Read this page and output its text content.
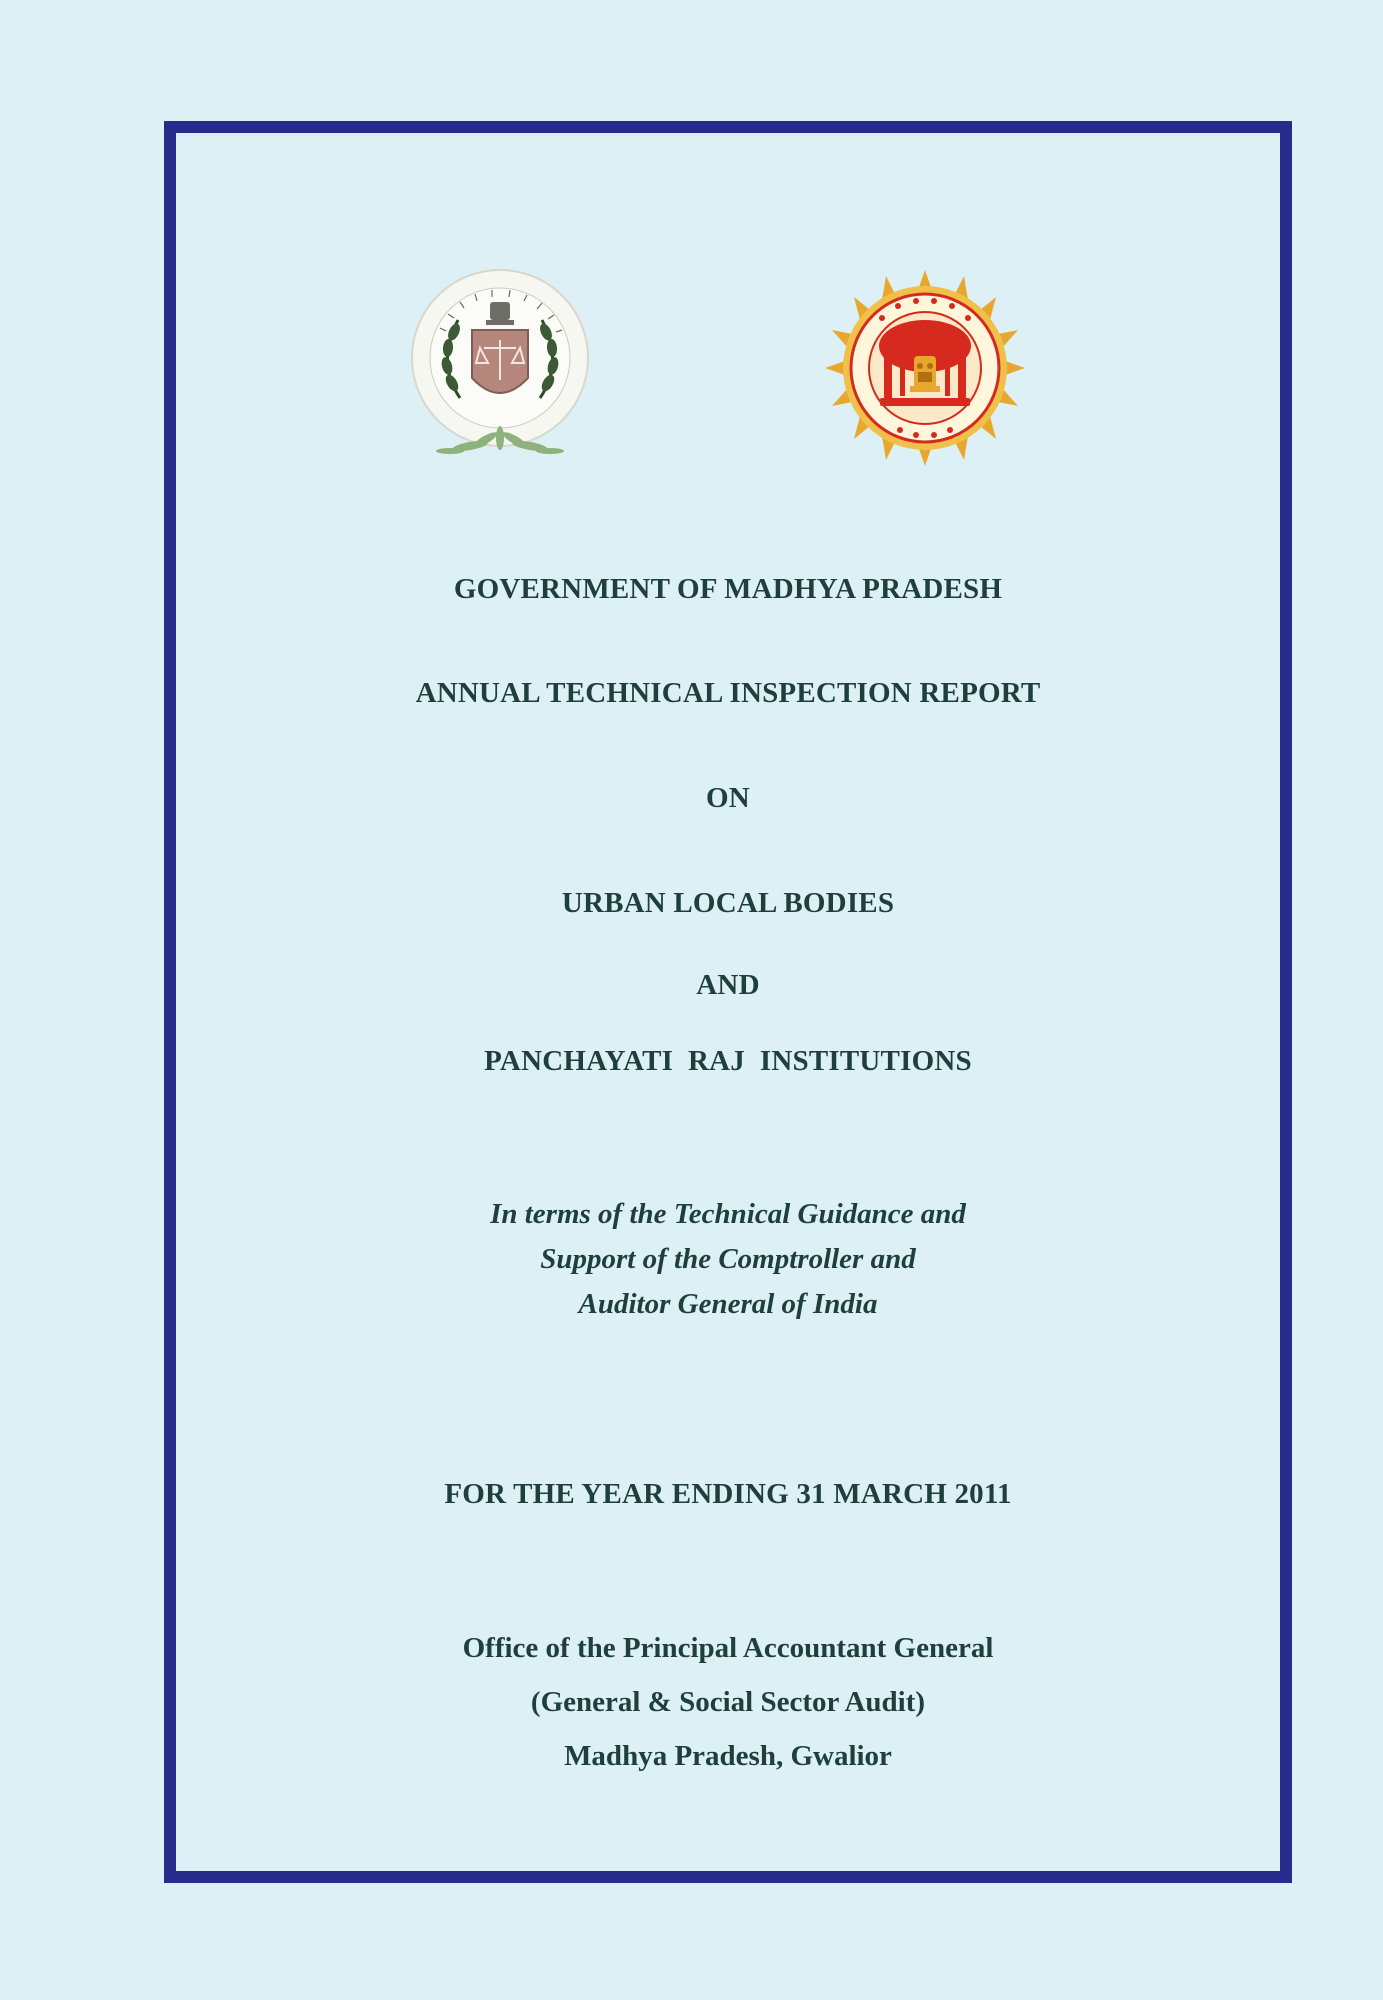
GOVERNMENT OF MADHYA PRADESH
ANNUAL TECHNICAL INSPECTION REPORT
ON
URBAN LOCAL BODIES
AND
PANCHAYATI  RAJ  INSTITUTIONS
In terms of the Technical Guidance and
Support of the Comptroller and
Auditor General of India
FOR THE YEAR ENDING 31 MARCH 2011
Office of the Principal Accountant General
(General & Social Sector Audit)
Madhya Pradesh, Gwalior
